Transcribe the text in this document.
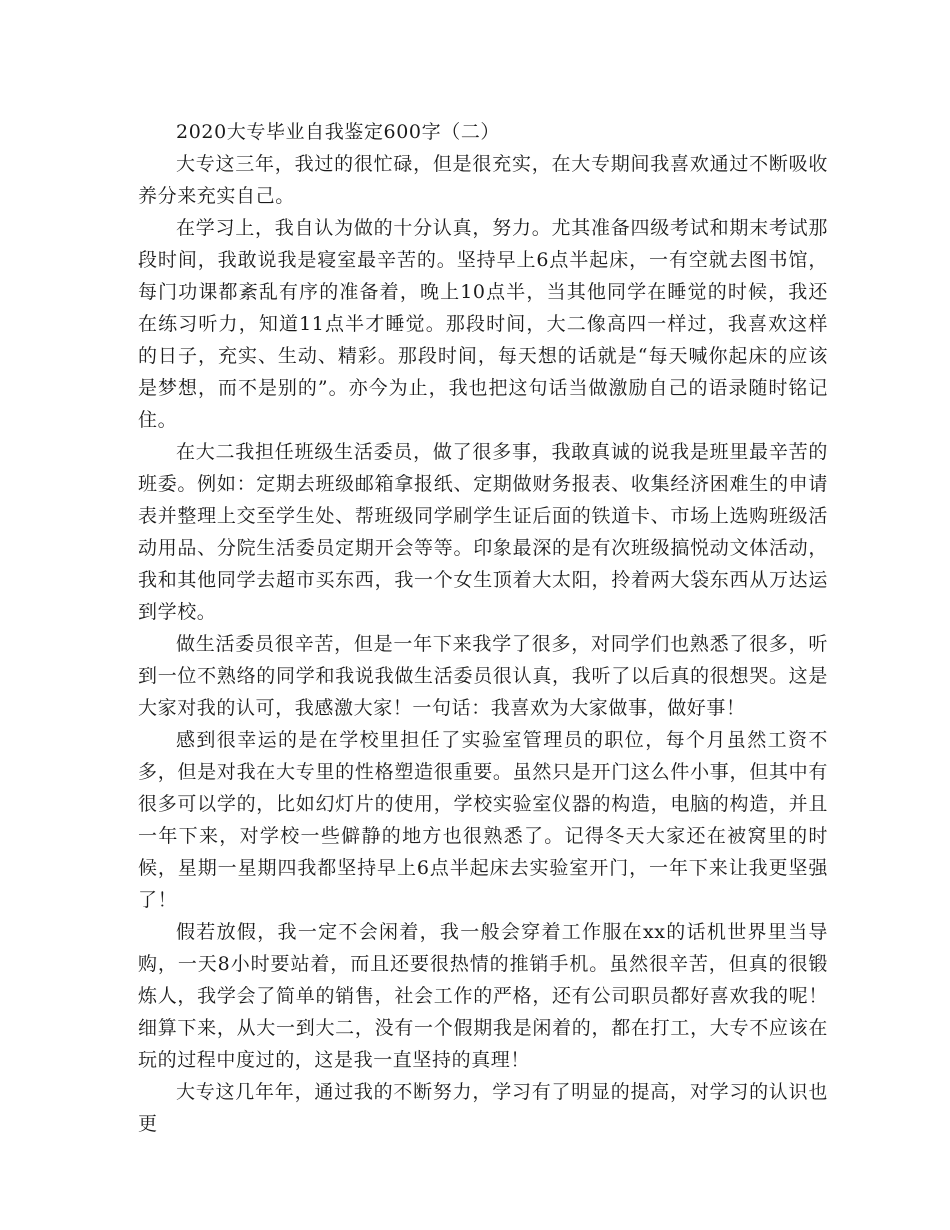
2020大专毕业自我鉴定600字（二）

大专这三年，我过的很忙碌，但是很充实，在大专期间我喜欢通过不断吸收养分来充实自己。

在学习上，我自认为做的十分认真，努力。尤其准备四级考试和期末考试那段时间，我敢说我是寝室最辛苦的。坚持早上6点半起床，一有空就去图书馆，每门功课都紊乱有序的准备着，晚上10点半，当其他同学在睡觉的时候，我还在练习听力，知道11点半才睡觉。那段时间，大二像高四一样过，我喜欢这样的日子，充实、生动、精彩。那段时间，每天想的话就是“每天喊你起床的应该是梦想，而不是别的”。亦今为止，我也把这句话当做激励自己的语录随时铭记住。

在大二我担任班级生活委员，做了很多事，我敢真诚的说我是班里最辛苦的班委。例如：定期去班级邮箱拿报纸、定期做财务报表、收集经济困难生的申请表并整理上交至学生处、帮班级同学刷学生证后面的铁道卡、市场上选购班级活动用品、分院生活委员定期开会等等。印象最深的是有次班级搞悦动文体活动，我和其他同学去超市买东西，我一个女生顶着大太阳，拎着两大袋东西从万达运到学校。

做生活委员很辛苦，但是一年下来我学了很多，对同学们也熟悉了很多，听到一位不熟络的同学和我说我做生活委员很认真，我听了以后真的很想哭。这是大家对我的认可，我感激大家！一句话：我喜欢为大家做事，做好事！

感到很幸运的是在学校里担任了实验室管理员的职位，每个月虽然工资不多，但是对我在大专里的性格塑造很重要。虽然只是开门这么件小事，但其中有很多可以学的，比如幻灯片的使用，学校实验室仪器的构造，电脑的构造，并且一年下来，对学校一些僻静的地方也很熟悉了。记得冬天大家还在被窝里的时候，星期一星期四我都坚持早上6点半起床去实验室开门，一年下来让我更坚强了！

假若放假，我一定不会闲着，我一般会穿着工作服在xx的话机世界里当导购，一天8小时要站着，而且还要很热情的推销手机。虽然很辛苦，但真的很锻炼人，我学会了简单的销售，社会工作的严格，还有公司职员都好喜欢我的呢！细算下来，从大一到大二，没有一个假期我是闲着的，都在打工，大专不应该在玩的过程中度过的，这是我一直坚持的真理！

大专这几年年，通过我的不断努力，学习有了明显的提高，对学习的认识也更
